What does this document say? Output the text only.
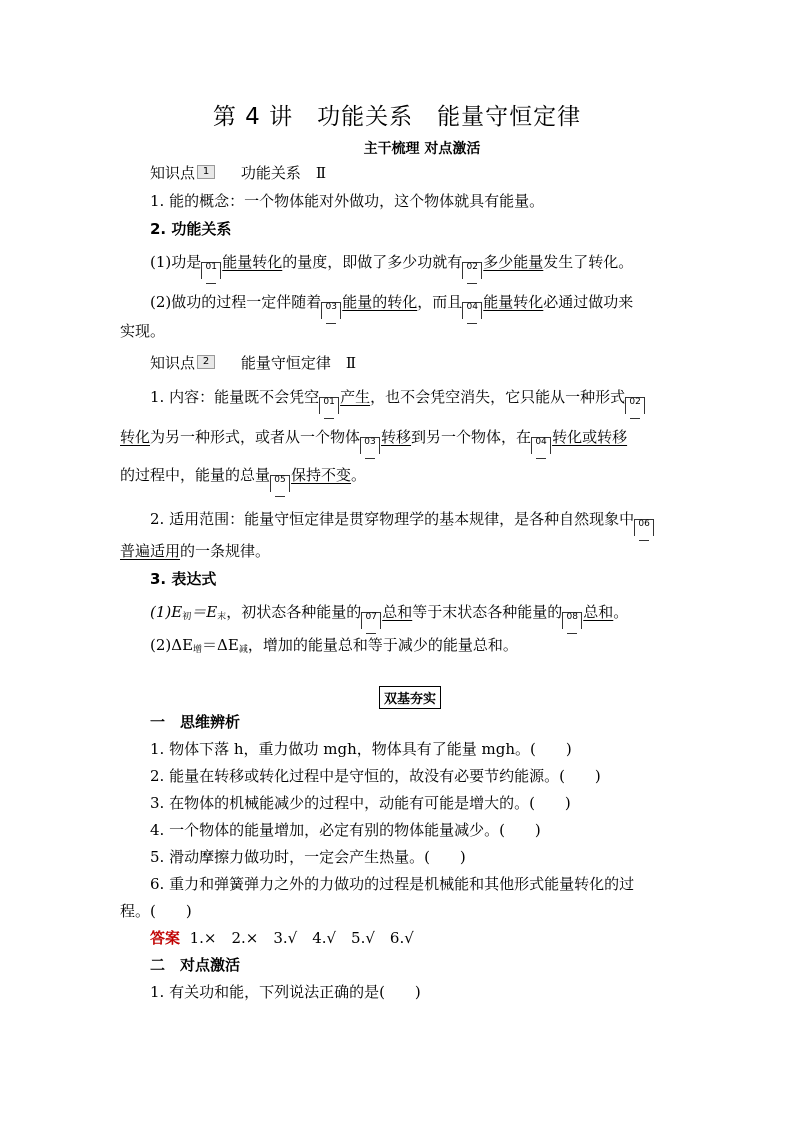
第 4 讲　功能关系　能量守恒定律
主干梳理 对点激活
知识点 1 功能关系　Ⅱ
1. 能的概念：一个物体能对外做功，这个物体就具有能量。
2. 功能关系
(1)功是 01 能量转化的量度，即做了多少功就有 02 多少能量发生了转化。
(2)做功的过程一定伴随着 03 能量的转化，而且 04 能量转化必通过做功来
实现。
知识点 2 能量守恒定律　Ⅱ
1. 内容：能量既不会凭空 01 产生，也不会凭空消失，它只能从一种形式 02
转化为另一种形式，或者从一个物体 03 转移到另一个物体，在 04 转化或转移
的过程中，能量的总量 05 保持不变。
2. 适用范围：能量守恒定律是贯穿物理学的基本规律，是各种自然现象中 06
普遍适用的一条规律。
3. 表达式
$(1)E_初=E_末$，初状态各种能量的 07 总和等于末状态各种能量的 08 总和。
$(2)\Delta E_增=\Delta E_减$，增加的能量总和等于减少的能量总和。
双基夯实
一　思维辨析
1. 物体下落 h，重力做功 mgh，物体具有了能量 mgh。(　　)
2. 能量在转移或转化过程中是守恒的，故没有必要节约能源。(　　)
3. 在物体的机械能减少的过程中，动能有可能是增大的。(　　)
4. 一个物体的能量增加，必定有别的物体能量减少。(　　)
5. 滑动摩擦力做功时，一定会产生热量。(　　)
6. 重力和弹簧弹力之外的力做功的过程是机械能和其他形式能量转化的过
程。(　　)
答案 1.×　2.×　3.√　4.√　5.√　6.√
二　对点激活
1. 有关功和能，下列说法正确的是(　　)
